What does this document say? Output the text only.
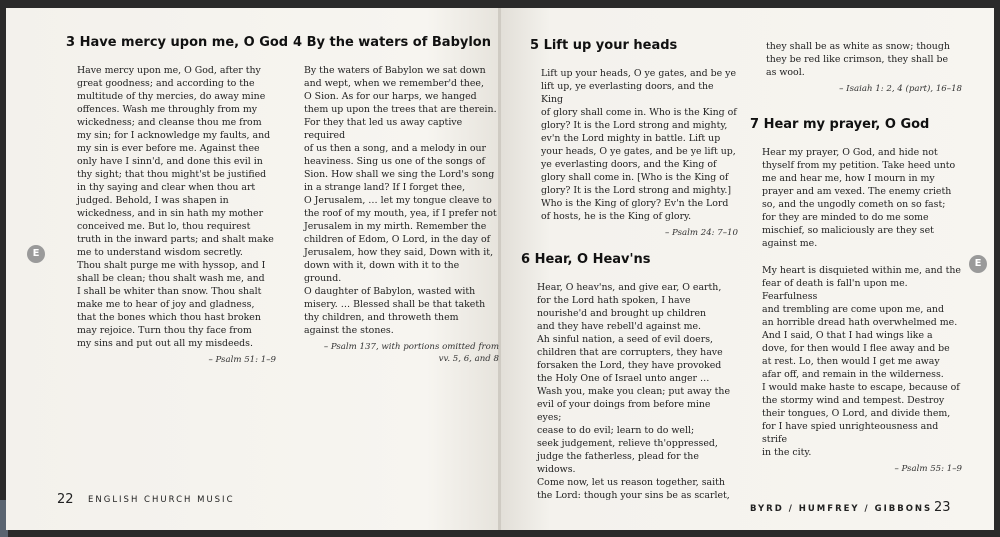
3 Have mercy upon me, O God

Have mercy upon me, O God, after thy
great goodness; and according to the
multitude of thy mercies, do away mine
offences. Wash me throughly from my
wickedness; and cleanse thou me from
my sin; for I acknowledge my faults, and
my sin is ever before me. Against thee
only have I sinn'd, and done this evil in
thy sight; that thou might'st be justified
in thy saying and clear when thou art
judged. Behold, I was shapen in
wickedness, and in sin hath my mother
conceived me. But lo, thou requirest
truth in the inward parts; and shalt make
me to understand wisdom secretly.
Thou shalt purge me with hyssop, and I
shall be clean; thou shalt wash me, and
I shall be whiter than snow. Thou shalt
make me to hear of joy and gladness,
that the bones which thou hast broken
may rejoice. Turn thou thy face from
my sins and put out all my misdeeds.

– Psalm 51: 1–9

4 By the waters of Babylon

By the waters of Babylon we sat down
and wept, when we remember'd thee,
O Sion. As for our harps, we hanged
them up upon the trees that are therein.
For they that led us away captive required
of us then a song, and a melody in our
heaviness. Sing us one of the songs of
Sion. How shall we sing the Lord's song
in a strange land? If I forget thee,
O Jerusalem, … let my tongue cleave to
the roof of my mouth, yea, if I prefer not
Jerusalem in my mirth. Remember the
children of Edom, O Lord, in the day of
Jerusalem, how they said, Down with it,
down with it, down with it to the ground.
O daughter of Babylon, wasted with
misery. … Blessed shall be that taketh
thy children, and throweth them
against the stones.

– Psalm 137, with portions omitted from
vv. 5, 6, and 8

E
22 ENGLISH CHURCH MUSIC
5 Lift up your heads

Lift up your heads, O ye gates, and be ye
lift up, ye everlasting doors, and the King
of glory shall come in. Who is the King of
glory? It is the Lord strong and mighty,
ev'n the Lord mighty in battle. Lift up
your heads, O ye gates, and be ye lift up,
ye everlasting doors, and the King of
glory shall come in. [Who is the King of
glory? It is the Lord strong and mighty.]
Who is the King of glory? Ev'n the Lord
of hosts, he is the King of glory.

– Psalm 24: 7–10

6 Hear, O Heav'ns

Hear, O heav'ns, and give ear, O earth,
for the Lord hath spoken, I have
nourishe'd and brought up children
and they have rebell'd against me.
Ah sinful nation, a seed of evil doers,
children that are corrupters, they have
forsaken the Lord, they have provoked
the Holy One of Israel unto anger …
Wash you, make you clean; put away the
evil of your doings from before mine eyes;
cease to do evil; learn to do well;
seek judgement, relieve th'oppressed,
judge the fatherless, plead for the widows.
Come now, let us reason together, saith
the Lord: though your sins be as scarlet,

they shall be as white as snow; though
they be red like crimson, they shall be
as wool.

– Isaiah 1: 2, 4 (part), 16–18

7 Hear my prayer, O God

Hear my prayer, O God, and hide not
thyself from my petition. Take heed unto
me and hear me, how I mourn in my
prayer and am vexed. The enemy crieth
so, and the ungodly cometh on so fast;
for they are minded to do me some
mischief, so maliciously are they set
against me.

My heart is disquieted within me, and the
fear of death is fall'n upon me. Fearfulness
and trembling are come upon me, and
an horrible dread hath overwhelmed me.
And I said, O that I had wings like a
dove, for then would I flee away and be
at rest. Lo, then would I get me away
afar off, and remain in the wilderness.
I would make haste to escape, because of
the stormy wind and tempest. Destroy
their tongues, O Lord, and divide them,
for I have spied unrighteousness and strife
in the city.

– Psalm 55: 1–9

E
BYRD / HUMFREY / GIBBONS 23
